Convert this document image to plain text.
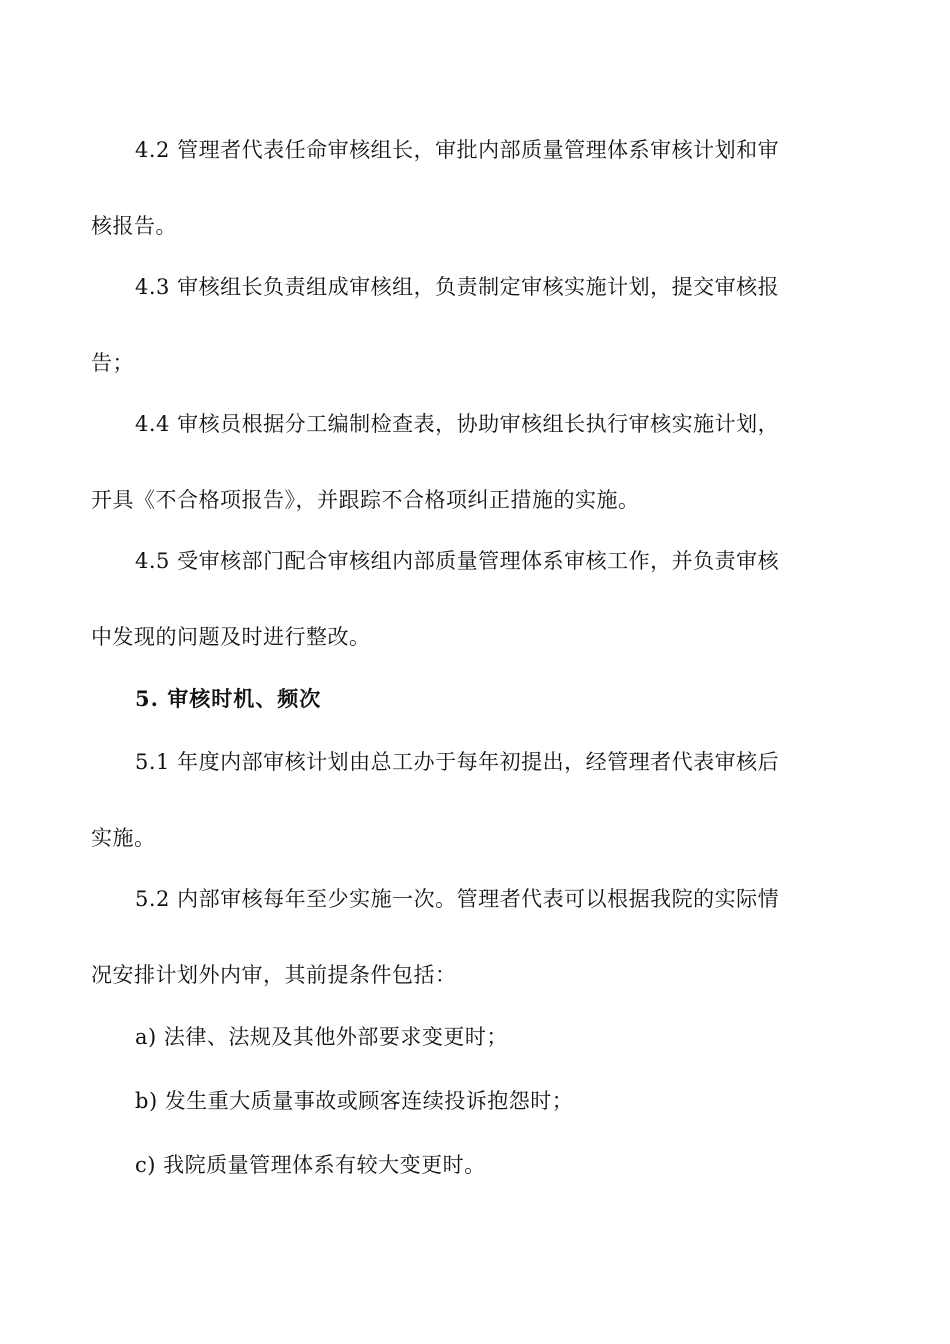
4.2 管理者代表任命审核组长，审批内部质量管理体系审核计划和审
核报告。
4.3 审核组长负责组成审核组，负责制定审核实施计划，提交审核报
告；
4.4 审核员根据分工编制检查表，协助审核组长执行审核实施计划，
开具《不合格项报告》，并跟踪不合格项纠正措施的实施。
4.5 受审核部门配合审核组内部质量管理体系审核工作，并负责审核
中发现的问题及时进行整改。
5. 审核时机、频次
5.1 年度内部审核计划由总工办于每年初提出，经管理者代表审核后
实施。
5.2 内部审核每年至少实施一次。管理者代表可以根据我院的实际情
况安排计划外内审，其前提条件包括：
a) 法律、法规及其他外部要求变更时；
b) 发生重大质量事故或顾客连续投诉抱怨时；
c) 我院质量管理体系有较大变更时。
